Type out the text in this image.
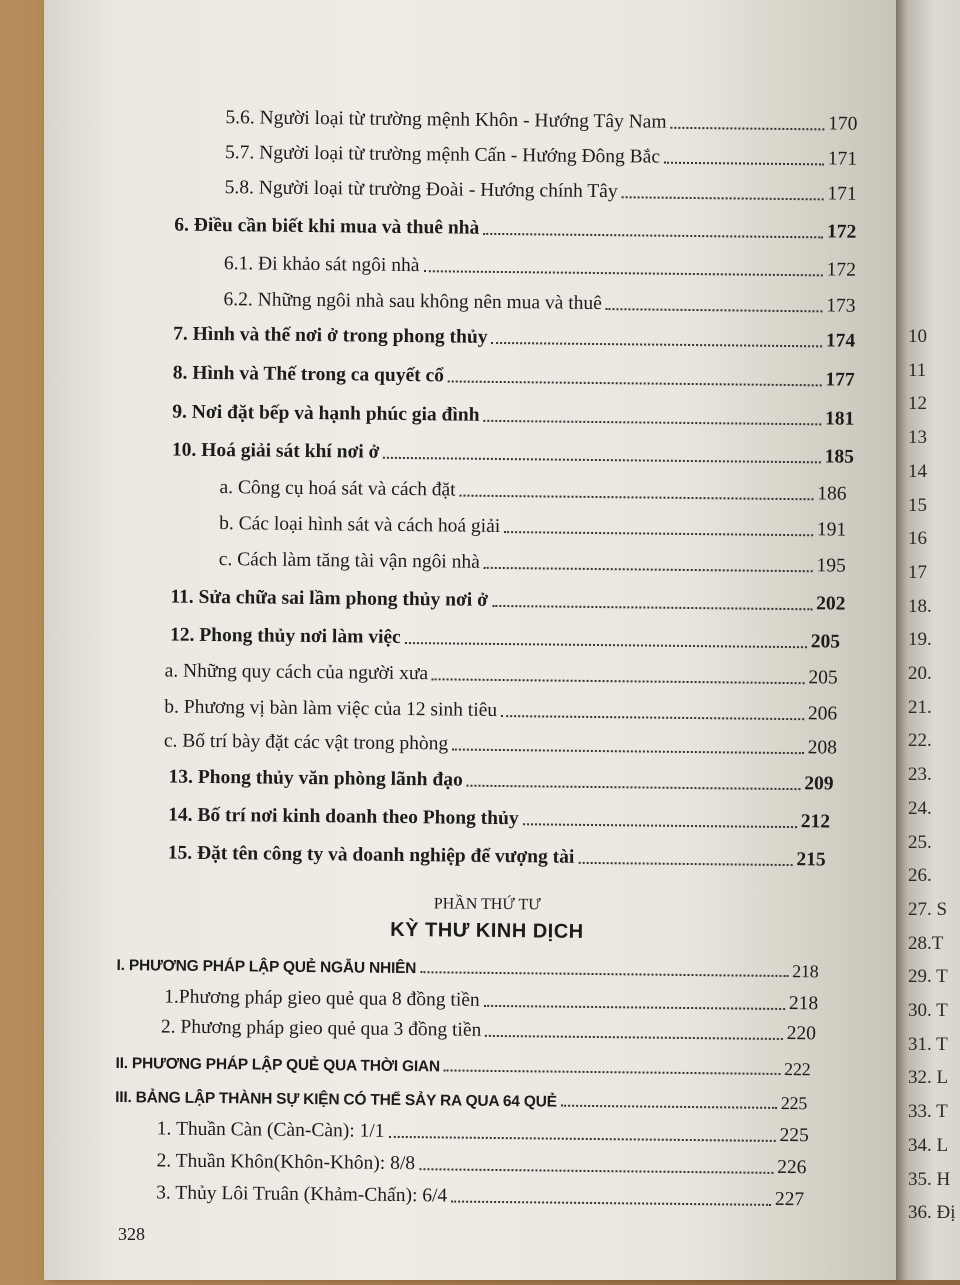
5.6. Người loại từ trường mệnh Khôn - Hướng Tây Nam	170
5.7. Người loại từ trường mệnh Cấn - Hướng Đông Bắc	171
5.8. Người loại từ trường Đoài - Hướng chính Tây	171
6. Điều cần biết khi mua và thuê nhà	172
6.1. Đi khảo sát ngôi nhà	172
6.2. Những ngôi nhà sau không nên mua và thuê	173
7. Hình và thế nơi ở trong phong thủy	174
8. Hình và Thế trong ca quyết cổ	177
9. Nơi đặt bếp và hạnh phúc gia đình	181
10. Hoá giải sát khí nơi ở	185
a. Công cụ hoá sát và cách đặt	186
b. Các loại hình sát và cách hoá giải	191
c. Cách làm tăng tài vận ngôi nhà	195
11. Sửa chữa sai lầm phong thủy nơi ở	202
12. Phong thủy nơi làm việc	205
a. Những quy cách của người xưa	205
b. Phương vị bàn làm việc của 12 sinh tiêu	206
c. Bố trí bày đặt các vật trong phòng	208
13. Phong thủy văn phòng lãnh đạo	209
14. Bố trí nơi kinh doanh theo Phong thủy	212
15. Đặt tên công ty và doanh nghiệp để vượng tài	215
PHẦN THỨ TƯ
KỲ THƯ KINH DỊCH
I. PHƯƠNG PHÁP LẬP QUẺ NGẪU NHIÊN	218
1.Phương pháp gieo quẻ qua 8 đồng tiền	218
2. Phương pháp gieo quẻ qua 3 đồng tiền	220
II. PHƯƠNG PHÁP LẬP QUẺ QUA THỜI GIAN	222
III. BẢNG LẬP THÀNH SỰ KIỆN CÓ THỂ SẢY RA QUA 64 QUẺ	225
1. Thuần Càn (Càn-Càn): 1/1	225
2. Thuần Khôn(Khôn-Khôn): 8/8	226
3. Thủy Lôi Truân (Khảm-Chấn): 6/4	227
328
10
11
12
13
14
15
16
17
18.
19.
20.
21.
22.
23.
24.
25.
26.
27. S
28.T
29. T
30. T
31. T
32. L
33. T
34. L
35. H
36. Đị
